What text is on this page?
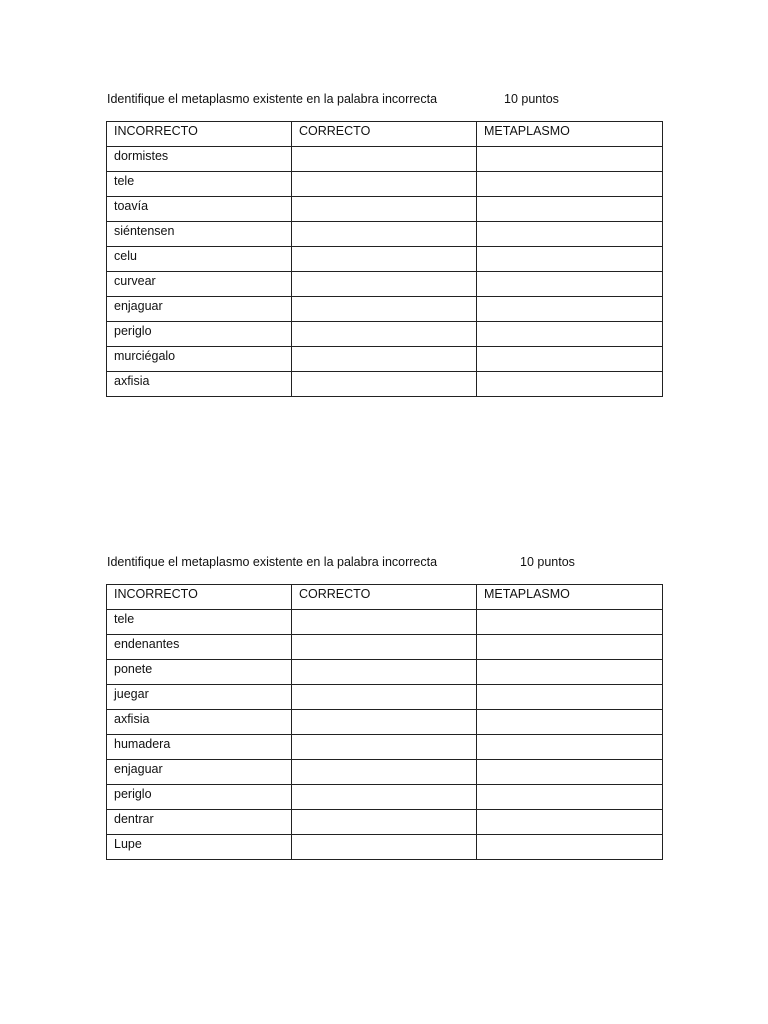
Identifique el metaplasmo existente en la palabra incorrecta	10 puntos
INCORRECTO	CORRECTO	METAPLASMO
dormistes		
tele		
toavía		
siéntensen		
celu		
curvear		
enjaguar		
periglo		
murciégalo		
axfisia		
Identifique el metaplasmo existente en la palabra incorrecta	10 puntos
INCORRECTO	CORRECTO	METAPLASMO
tele		
endenantes		
ponete		
juegar		
axfisia		
humadera		
enjaguar		
periglo		
dentrar		
Lupe		
